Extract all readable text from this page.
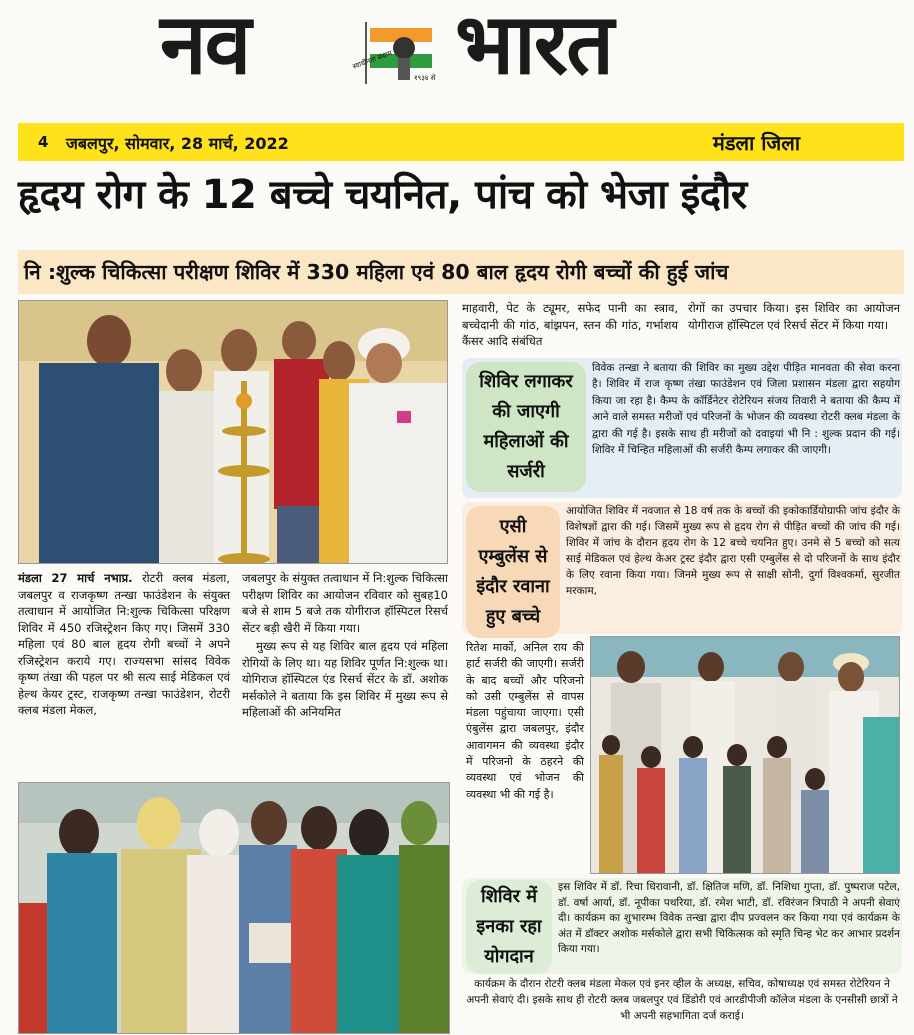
नव	स्वाधीनता संग्राम
१९३४ से भारत
4 जबलपुर, सोमवार, 28 मार्च, 2022	मंडला जिला
हृदय रोग के 12 बच्चे चयनित, पांच को भेजा इंदौर
नि :शुल्क चिकित्सा परीक्षण शिविर में 330 महिला एवं 80 बाल हृदय रोगी बच्चों की हुई जांच

मंडला 27 मार्च नभाप्र. रोटरी क्लब मंडला, जबलपुर व राजकृष्ण तन्खा फाउंडेशन के संयुक्त तत्वाधान में आयोजित नि:शुल्क चिकित्सा परिक्षण शिविर में 450 रजिस्ट्रेशन किए गए। जिसमें 330 महिला एवं 80 बाल हृदय रोगी बच्चों ने अपने रजिस्ट्रेशन कराये गए। राज्यसभा सांसद विवेक कृष्ण तंखा की पहल पर श्री सत्य साई मेडिकल एवं हेल्थ केयर ट्रस्ट, राजकृष्ण तन्खा फाउंडेशन, रोटरी क्लब मंडला मेकल,

जबलपुर के संयुक्त तत्वाधान में नि:शुल्क चिकित्सा परीक्षण शिविर का आयोजन रविवार को सुबह10 बजे से शाम 5 बजे तक योगीराज हॉस्पिटल रिसर्च सेंटर बड़ी खैरी में किया गया।

मुख्य रूप से यह शिविर बाल हृदय एवं महिला रोगियों के लिए था। यह शिविर पूर्णत नि:शुल्क था। योगिराज हॉस्पिटल एंड रिसर्च सेंटर के डॉ. अशोक मर्सकोले ने बताया कि इस शिविर में मुख्य रूप से महिलाओं की अनियमित

माहवारी, पेट के ट्यूमर, सफेद पानी का स्त्राव, बच्चेदानी की गांठ, बांझपन, स्तन की गांठ, गर्भाशय कैंसर आदि संबंधित

रोगों का उपचार किया। इस शिविर का आयोजन योगीराज हॉस्पिटल एवं रिसर्च सेंटर में किया गया।

शिविर लगाकर की जाएगी महिलाओं की सर्जरी

विवेक तन्खा ने बताया की शिविर का मुख्य उद्देश पीड़ित मानवता की सेवा करना है। शिविर में राज कृष्ण तंखा फाउंडेशन एवं जिला प्रशासन मंडला द्वारा सहयोग किया जा रहा है। कैम्प के कॉर्डिनेटर रोटेरियन संजय तिवारी ने बताया की कैम्प में आने वाले समस्त मरीजों एवं परिजनों के भोजन की व्यवस्था रोटरी क्लब मंडला के द्वारा की गई है। इसके साथ ही मरीजों को दवाइयां भी नि : शुल्क प्रदान की गई। शिविर में चिन्हित महिलाओं की सर्जरी कैम्प लगाकर की जाएगी।

एसी एम्बुलेंस से इंदौर रवाना हुए बच्चे

आयोजित शिविर में नवजात से 18 वर्ष तक के बच्चों की इकोकार्डियोग्राफी जांच इंदौर के विशेषज्ञों द्वारा की गई। जिसमें मुख्य रूप से हृदय रोग से पीड़ित बच्चों की जांच की गई। शिविर में जांच के दौरान हृदय रोग के 12 बच्चे चयनित हुए। उनमे से 5 बच्चो को सत्य साई मेडिकल एवं हेल्थ केअर ट्रस्ट इंदौर द्वारा एसी एम्बुलेंस से दो परिजनों के साथ इंदौर के लिए रवाना किया गया। जिनमे मुख्य रूप से साक्षी सोनी, दुर्गा विश्वकर्मा, सुरजीत मरकाम,

रितेश मार्को, अनिल राय की हार्ट सर्जरी की जाएगी। सर्जरी के बाद बच्चों और परिजनो को उसी एम्बुलेंस से वापस मंडला पहुंचाया जाएगा। एसी एंबुलेंस द्वारा जबलपुर, इंदौर आवागमन की व्यवस्था इंदौर में परिजनो के ठहरने की व्यवस्था एवं भोजन की व्यवस्था भी की गई है।

शिविर में इनका रहा योगदान

इस शिविर में डॉ. रिचा धिरावानी, डॉ. क्षितिज मणि, डॉ. निशिधा गुप्ता, डॉ. पुष्पराज पटेल, डॉ. वर्षा आर्या, डॉ. नूपीका पथरिया, डॉ. रमेश भाटी, डॉ. रविरंजन त्रिपाठी ने अपनी सेवाएं दी। कार्यक्रम का शुभारम्भ विवेक तन्खा द्वारा दीप प्रज्वलन कर किया गया एवं कार्यक्रम के अंत में डॉक्टर अशोक मर्सकोले द्वारा सभी चिकित्सक को स्मृति चिन्ह भेट कर आभार प्रदर्शन किया गया।

कार्यक्रम के दौरान रोटरी क्लब मंडला मेकल एवं इनर व्हील के अध्यक्ष, सचिव, कोषाध्यक्ष एवं समस्त रोटेरियन ने अपनी सेवाएं दी। इसके साथ ही रोटरी क्लब जबलपुर एवं डिंडोरी एवं आरडीपीजी कॉलेज मंडला के एनसीसी छात्रों ने भी अपनी सहभागिता दर्ज कराई।
